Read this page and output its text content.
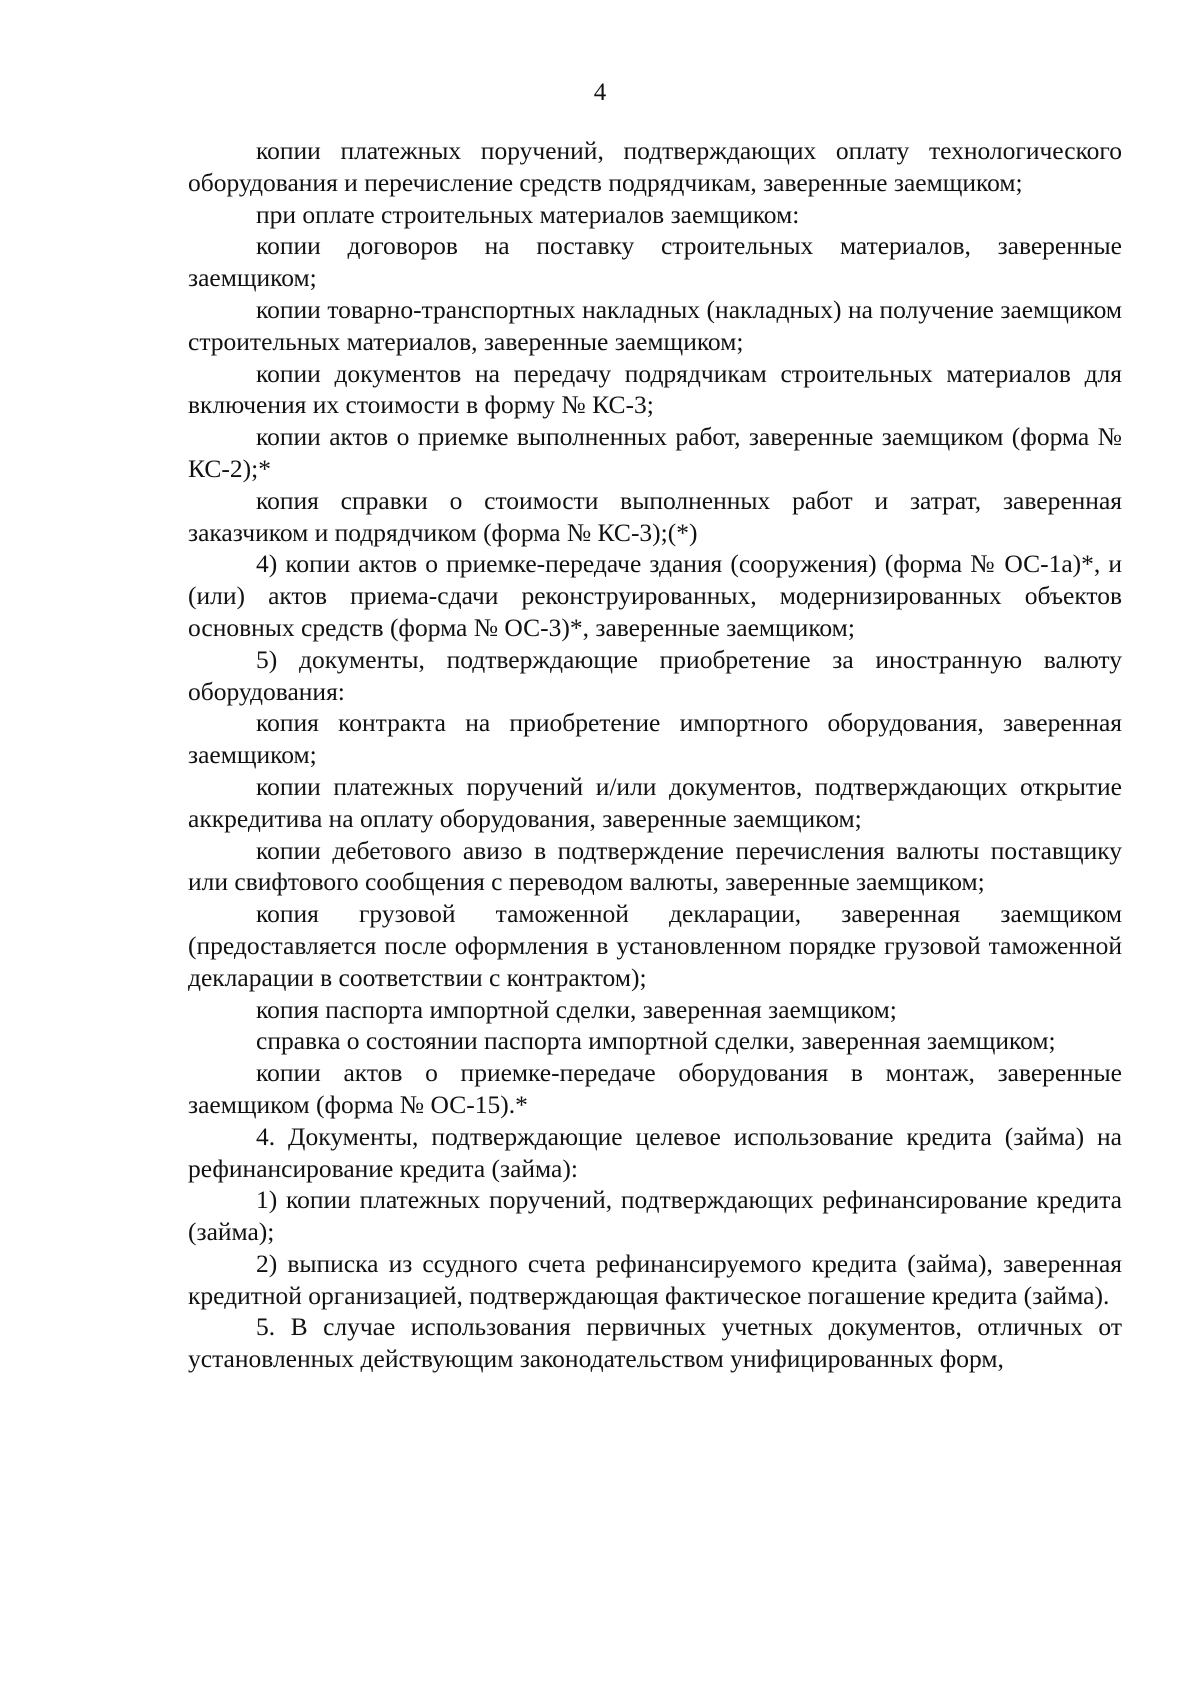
4

копии платежных поручений, подтверждающих оплату технологического оборудования и перечисление средств подрядчикам, заверенные заемщиком;

при оплате строительных материалов заемщиком:

копии договоров на поставку строительных материалов, заверенные заемщиком;

копии товарно-транспортных накладных (накладных) на получение заемщиком строительных материалов, заверенные заемщиком;

копии документов на передачу подрядчикам строительных материалов для включения их стоимости в форму № КС-3;

копии актов о приемке выполненных работ, заверенные заемщиком (форма № КС-2);*

копия справки о стоимости выполненных работ и затрат, заверенная заказчиком и подрядчиком (форма № КС-3);(*)

4) копии актов о приемке-передаче здания (сооружения) (форма № ОС-1а)*, и (или) актов приема-сдачи реконструированных, модернизированных объектов основных средств (форма № ОС-3)*, заверенные заемщиком;

5) документы, подтверждающие приобретение за иностранную валюту оборудования:

копия контракта на приобретение импортного оборудования, заверенная заемщиком;

копии платежных поручений и/или документов, подтверждающих открытие аккредитива на оплату оборудования, заверенные заемщиком;

копии дебетового авизо в подтверждение перечисления валюты поставщику или свифтового сообщения с переводом валюты, заверенные заемщиком;

копия грузовой таможенной декларации, заверенная заемщиком (предоставляется после оформления в установленном порядке грузовой таможенной декларации в соответствии с контрактом);

копия паспорта импортной сделки, заверенная заемщиком;

справка о состоянии паспорта импортной сделки, заверенная заемщиком;

копии актов о приемке-передаче оборудования в монтаж, заверенные заемщиком (форма № ОС-15).*

4. Документы, подтверждающие целевое использование кредита (займа) на рефинансирование кредита (займа):

1) копии платежных поручений, подтверждающих рефинансирование кредита (займа);

2) выписка из ссудного счета рефинансируемого кредита (займа), заверенная кредитной организацией, подтверждающая фактическое погашение кредита (займа).

5. В случае использования первичных учетных документов, отличных от установленных действующим законодательством унифицированных форм,
